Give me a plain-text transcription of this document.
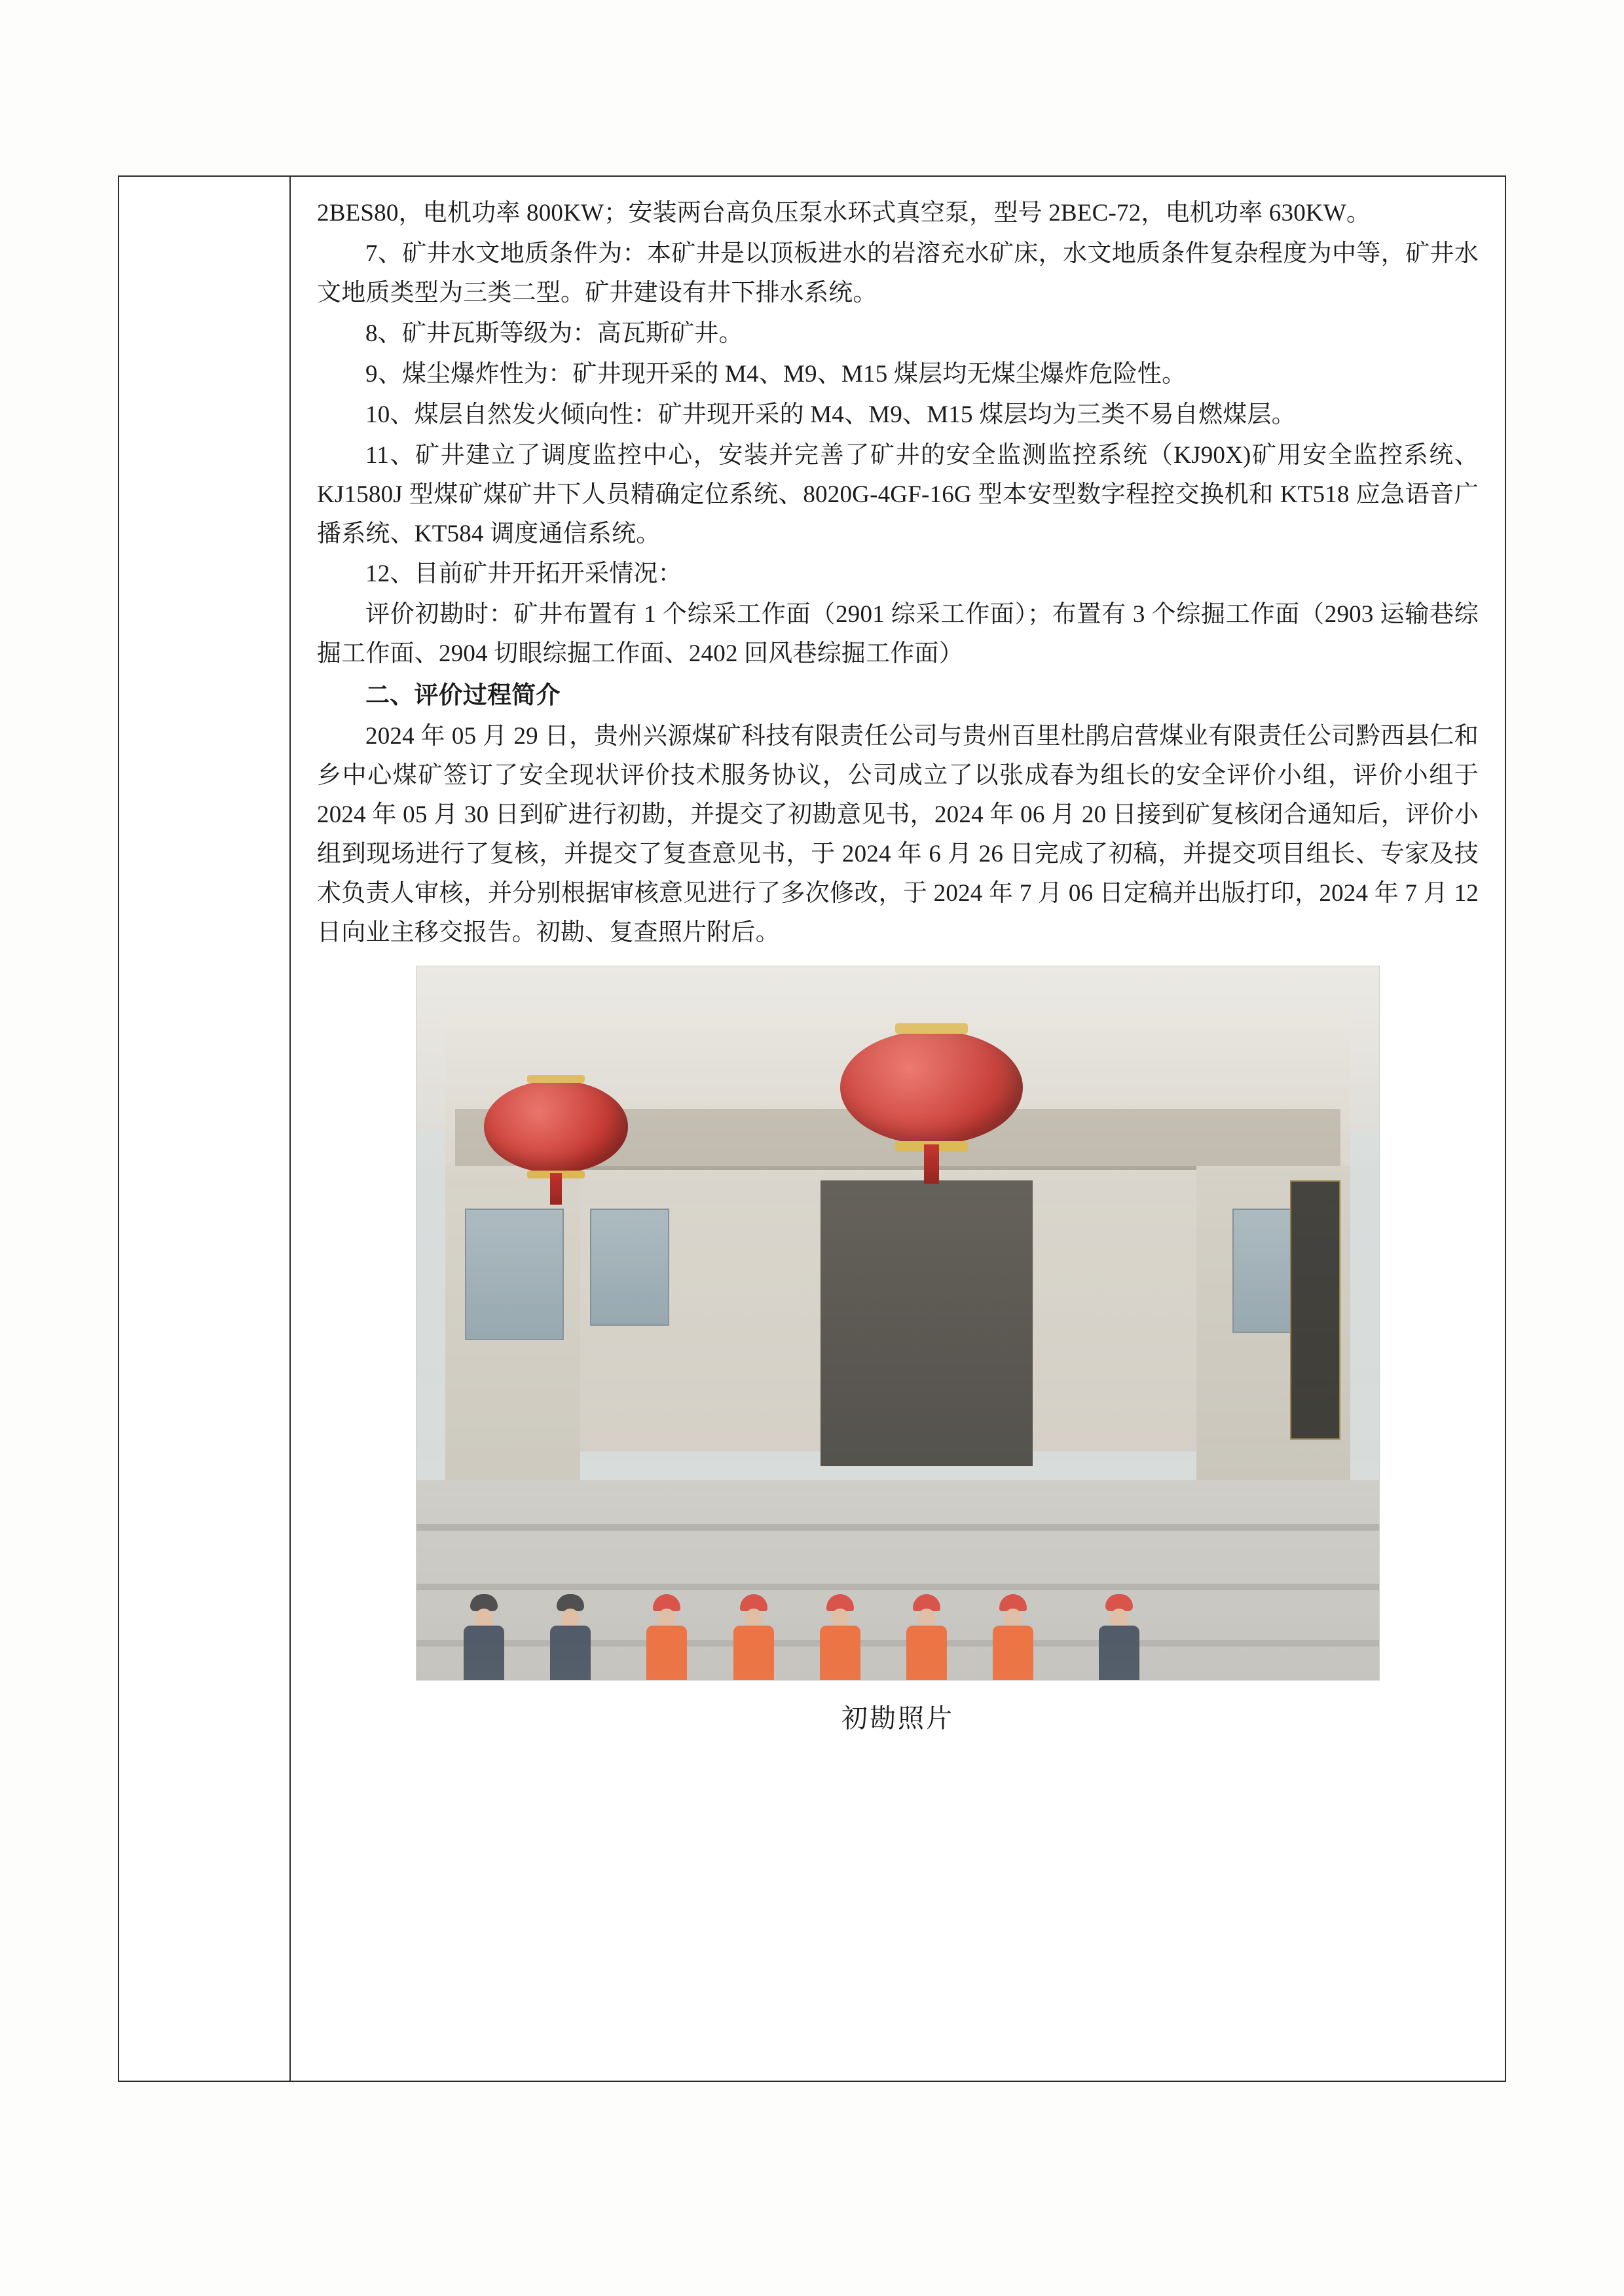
2BES80，电机功率 800KW；安装两台高负压泵水环式真空泵，型号 2BEC-72，电机功率 630KW。

7、矿井水文地质条件为：本矿井是以顶板进水的岩溶充水矿床，水文地质条件复杂程度为中等，矿井水文地质类型为三类二型。矿井建设有井下排水系统。

8、矿井瓦斯等级为：高瓦斯矿井。

9、煤尘爆炸性为：矿井现开采的 M4、M9、M15 煤层均无煤尘爆炸危险性。

10、煤层自然发火倾向性：矿井现开采的 M4、M9、M15 煤层均为三类不易自燃煤层。

11、矿井建立了调度监控中心，安装并完善了矿井的安全监测监控系统（KJ90X)矿用安全监控系统、KJ1580J 型煤矿煤矿井下人员精确定位系统、8020G-4GF-16G 型本安型数字程控交换机和 KT518 应急语音广播系统、KT584 调度通信系统。

12、目前矿井开拓开采情况：

评价初勘时：矿井布置有 1 个综采工作面（2901 综采工作面）；布置有 3 个综掘工作面（2903 运输巷综掘工作面、2904 切眼综掘工作面、2402 回风巷综掘工作面）

二、评价过程简介

2024 年 05 月 29 日，贵州兴源煤矿科技有限责任公司与贵州百里杜鹃启营煤业有限责任公司黔西县仁和乡中心煤矿签订了安全现状评价技术服务协议，公司成立了以张成春为组长的安全评价小组，评价小组于 2024 年 05 月 30 日到矿进行初勘，并提交了初勘意见书，2024 年 06 月 20 日接到矿复核闭合通知后，评价小组到现场进行了复核，并提交了复查意见书，于 2024 年 6 月 26 日完成了初稿，并提交项目组长、专家及技术负责人审核，并分别根据审核意见进行了多次修改，于 2024 年 7 月 06 日定稿并出版打印，2024 年 7 月 12 日向业主移交报告。初勘、复查照片附后。

初勘照片
